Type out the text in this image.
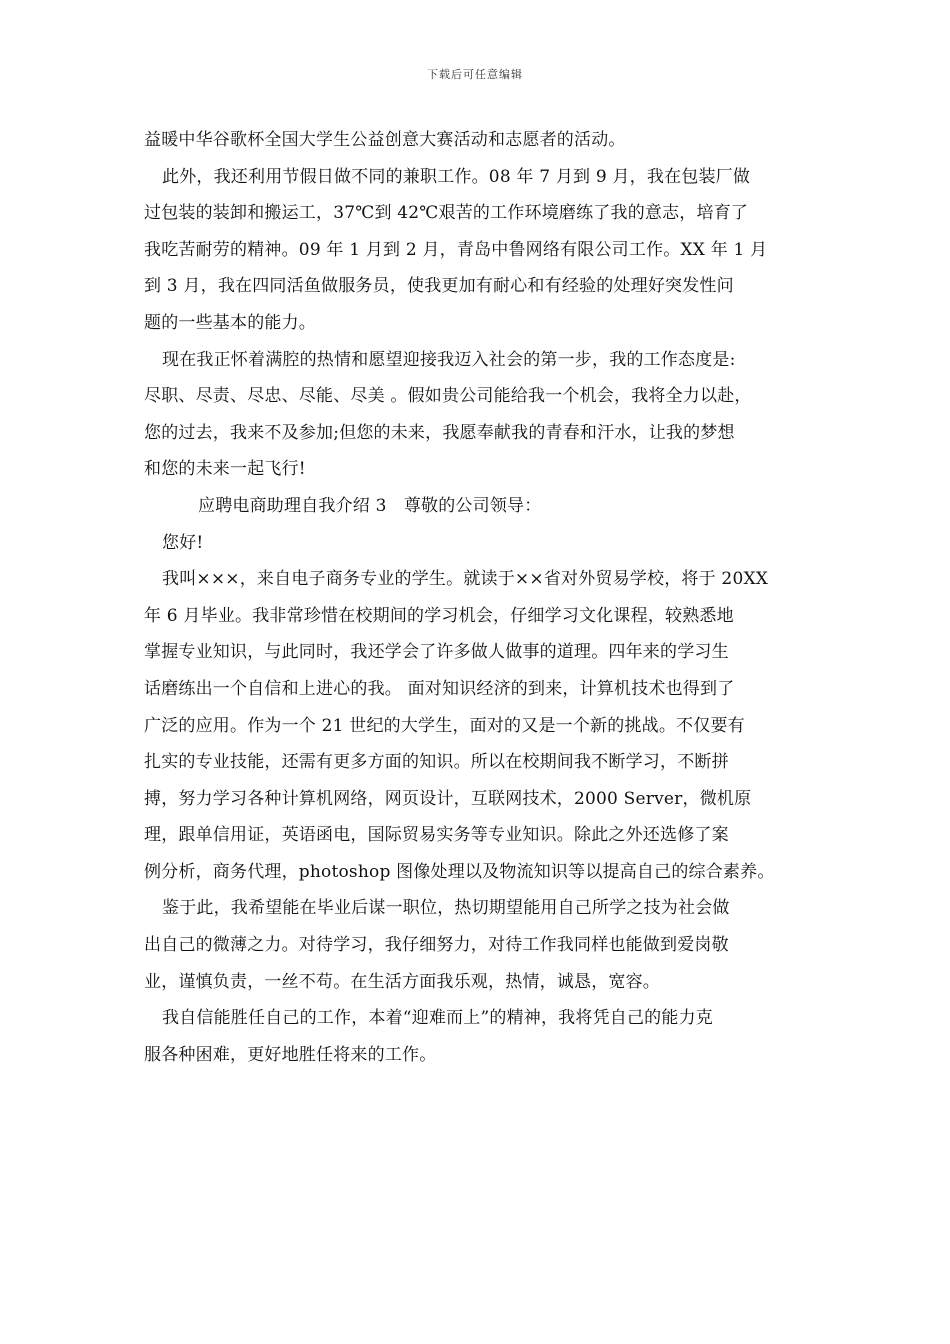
下载后可任意编辑

益暖中华谷歌杯全国大学生公益创意大赛活动和志愿者的活动。

此外，我还利用节假日做不同的兼职工作。08 年 7 月到 9 月，我在包装厂做

过包装的装卸和搬运工，37℃到 42℃艰苦的工作环境磨练了我的意志，培育了

我吃苦耐劳的精神。09 年 1 月到 2 月，青岛中鲁网络有限公司工作。XX 年 1 月

到 3 月，我在四同活鱼做服务员，使我更加有耐心和有经验的处理好突发性问

题的一些基本的能力。

现在我正怀着满腔的热情和愿望迎接我迈入社会的第一步，我的工作态度是:

尽职、尽责、尽忠、尽能、尽美 。假如贵公司能给我一个机会，我将全力以赴，

您的过去，我来不及参加;但您的未来，我愿奉献我的青春和汗水，让我的梦想

和您的未来一起飞行!

应聘电商助理自我介绍 3　尊敬的公司领导：

您好!

我叫×××，来自电子商务专业的学生。就读于××省对外贸易学校，将于 20XX

年 6 月毕业。我非常珍惜在校期间的学习机会，仔细学习文化课程，较熟悉地

掌握专业知识，与此同时，我还学会了许多做人做事的道理。四年来的学习生

话磨练出一个自信和上进心的我。 面对知识经济的到来，计算机技术也得到了

广泛的应用。作为一个 21 世纪的大学生，面对的又是一个新的挑战。不仅要有

扎实的专业技能，还需有更多方面的知识。所以在校期间我不断学习，不断拼

搏，努力学习各种计算机网络，网页设计，互联网技术，2000 Server，微机原

理，跟单信用证，英语函电，国际贸易实务等专业知识。除此之外还选修了案

例分析，商务代理，photoshop 图像处理以及物流知识等以提高自己的综合素养。

鉴于此，我希望能在毕业后谋一职位，热切期望能用自己所学之技为社会做

出自己的微薄之力。对待学习，我仔细努力，对待工作我同样也能做到爱岗敬

业，谨慎负责，一丝不苟。在生活方面我乐观，热情，诚恳，宽容。

我自信能胜任自己的工作，本着“迎难而上”的精神，我将凭自己的能力克

服各种困难，更好地胜任将来的工作。
